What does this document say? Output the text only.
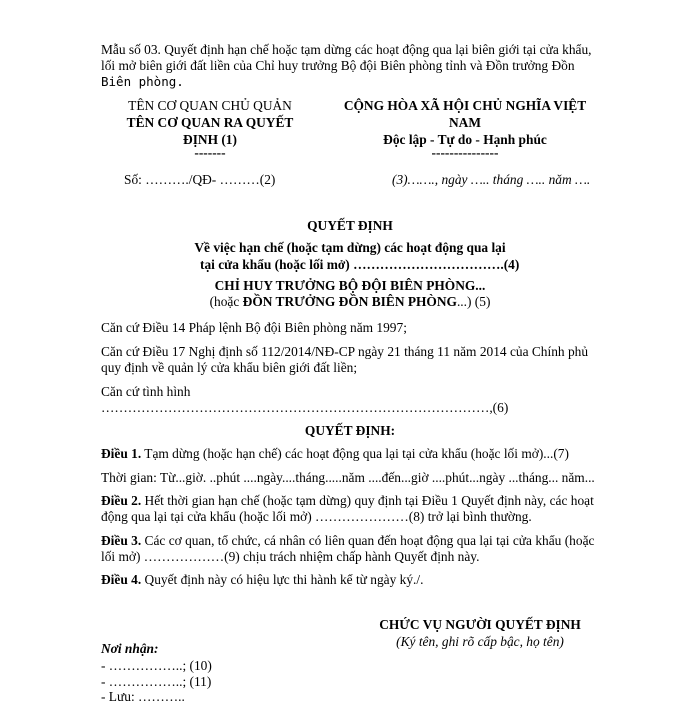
Mẫu số 03. Quyết định hạn chế hoặc tạm dừng các hoạt động qua lại biên giới tại cửa khẩu,
lối mở biên giới đất liền của Chỉ huy trưởng Bộ đội Biên phòng tỉnh và Đồn trưởng Đồn
Biên phòng.
TÊN CƠ QUAN CHỦ QUẢN
TÊN CƠ QUAN RA QUYẾT
ĐỊNH (1)
-------
CỘNG HÒA XÃ HỘI CHỦ NGHĨA VIỆT
NAM
Độc lập - Tự do - Hạnh phúc
---------------
Số: ………./QĐ- ………(2)	(3)……., ngày ….. tháng ….. năm ….
QUYẾT ĐỊNH
Về việc hạn chế (hoặc tạm dừng) các hoạt động qua lại
tại cửa khẩu (hoặc lối mở) …………………………….(4)
CHỈ HUY TRƯỞNG BỘ ĐỘI BIÊN PHÒNG...
(hoặc ĐỒN TRƯỞNG ĐỒN BIÊN PHÒNG...) (5)
Căn cứ Điều 14 Pháp lệnh Bộ đội Biên phòng năm 1997;
Căn cứ Điều 17 Nghị định số 112/2014/NĐ-CP ngày 21 tháng 11 năm 2014 của Chính phủ
quy định về quản lý cửa khẩu biên giới đất liền;
Căn cứ tình hình
……………………………………………………………………………,(6)
QUYẾT ĐỊNH:
Điều 1. Tạm dừng (hoặc hạn chế) các hoạt động qua lại tại cửa khẩu (hoặc lối mở)...(7)
Thời gian: Từ...giờ. ..phút ....ngày....tháng.....năm ....đến...giờ ....phút...ngày ...tháng... năm...
Điều 2. Hết thời gian hạn chế (hoặc tạm dừng) quy định tại Điều 1 Quyết định này, các hoạt
động qua lại tại cửa khẩu (hoặc lối mở) …………………(8) trở lại bình thường.
Điều 3. Các cơ quan, tổ chức, cá nhân có liên quan đến hoạt động qua lại tại cửa khẩu (hoặc
lối mở) ………………(9) chịu trách nhiệm chấp hành Quyết định này.
Điều 4. Quyết định này có hiệu lực thi hành kể từ ngày ký./.
CHỨC VỤ NGƯỜI QUYẾT ĐỊNH
(Ký tên, ghi rõ cấp bậc, họ tên)
Nơi nhận:
- ……………..; (10)
- ……………..; (11)
- Lưu: ………..
